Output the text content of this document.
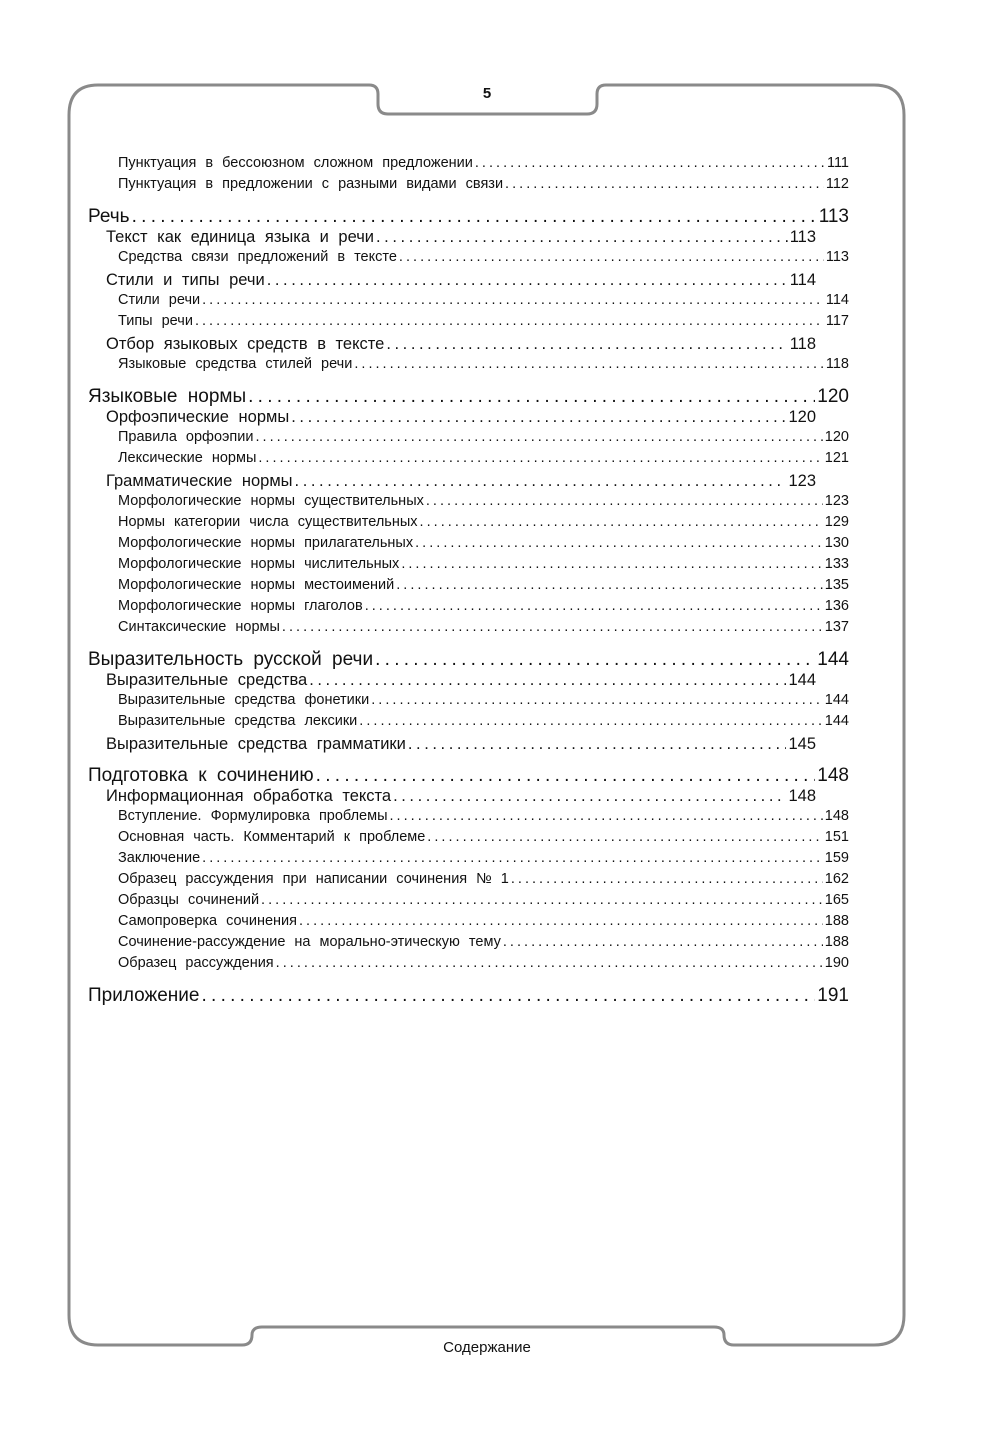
5
Пунктуация в бессоюзном сложном предложении . . .	111
Пунктуация в предложении с разными видами связи . . .	112
Речь . . .	113
Текст как единица языка и речи . . .	113
Средства связи предложений в тексте . . .	113
Стили и типы речи . . .	114
Стили речи . . .	114
Типы речи . . .	117
Отбор языковых средств в тексте . . .	118
Языковые средства стилей речи . . .	118
Языковые нормы . . .	120
Орфоэпические нормы . . .	120
Правила орфоэпии . . .	120
Лексические нормы . . .	121
Грамматические нормы . . .	123
Морфологические нормы существительных . . .	123
Нормы категории числа существительных . . .	129
Морфологические нормы прилагательных . . .	130
Морфологические нормы числительных . . .	133
Морфологические нормы местоимений . . .	135
Морфологические нормы глаголов . . .	136
Синтаксические нормы . . .	137
Выразительность русской речи . . .	144
Выразительные средства . . .	144
Выразительные средства фонетики . . .	144
Выразительные средства лексики . . .	144
Выразительные средства грамматики . . .	145
Подготовка к сочинению . . .	148
Информационная обработка текста . . .	148
Вступление. Формулировка проблемы . . .	148
Основная часть. Комментарий к проблеме . . .	151
Заключение . . .	159
Образец рассуждения при написании сочинения № 1 . . .	162
Образцы сочинений . . .	165
Самопроверка сочинения . . .	188
Сочинение-рассуждение на морально-этическую тему . . .	188
Образец рассуждения . . .	190
Приложение . . .	191
Содержание
